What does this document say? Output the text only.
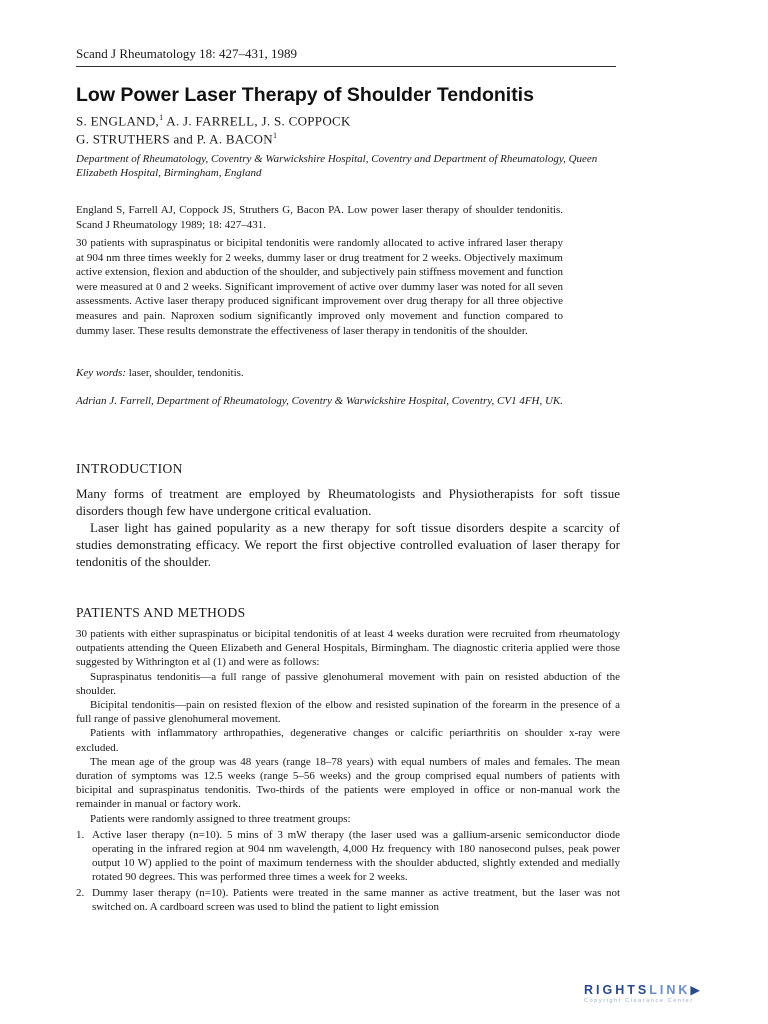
Scand J Rheumatology 18: 427–431, 1989
Low Power Laser Therapy of Shoulder Tendonitis
S. ENGLAND,$^1$ A. J. FARRELL, J. S. COPPOCK
G. STRUTHERS and P. A. BACON$^1$
Department of Rheumatology, Coventry & Warwickshire Hospital, Coventry and Department of Rheumatology, Queen Elizabeth Hospital, Birmingham, England
England S, Farrell AJ, Coppock JS, Struthers G, Bacon PA. Low power laser therapy of shoulder tendonitis. Scand J Rheumatology 1989; 18: 427–431.
30 patients with supraspinatus or bicipital tendonitis were randomly allocated to active infrared laser therapy at 904 nm three times weekly for 2 weeks, dummy laser or drug treatment for 2 weeks. Objectively maximum active extension, flexion and abduction of the shoulder, and subjectively pain stiffness movement and function were measured at 0 and 2 weeks. Significant improvement of active over dummy laser was noted for all seven assessments. Active laser therapy produced significant improvement over drug therapy for all three objective measures and pain. Naproxen sodium significantly improved only movement and function compared to dummy laser. These results demonstrate the effectiveness of laser therapy in tendonitis of the shoulder.
Key words: laser, shoulder, tendonitis.
Adrian J. Farrell, Department of Rheumatology, Coventry & Warwickshire Hospital, Coventry, CV1 4FH, UK.
INTRODUCTION

Many forms of treatment are employed by Rheumatologists and Physiotherapists for soft tissue disorders though few have undergone critical evaluation.

Laser light has gained popularity as a new therapy for soft tissue disorders despite a scarcity of studies demonstrating efficacy. We report the first objective controlled evaluation of laser therapy for tendonitis of the shoulder.

PATIENTS AND METHODS

30 patients with either supraspinatus or bicipital tendonitis of at least 4 weeks duration were recruited from rheumatology outpatients attending the Queen Elizabeth and General Hospitals, Birmingham. The diagnostic criteria applied were those suggested by Withrington et al (1) and were as follows:

Supraspinatus tendonitis—a full range of passive glenohumeral movement with pain on resisted abduction of the shoulder.

Bicipital tendonitis—pain on resisted flexion of the elbow and resisted supination of the forearm in the presence of a full range of passive glenohumeral movement.

Patients with inflammatory arthropathies, degenerative changes or calcific periarthritis on shoulder x-ray were excluded.

The mean age of the group was 48 years (range 18–78 years) with equal numbers of males and females. The mean duration of symptoms was 12.5 weeks (range 5–56 weeks) and the group comprised equal numbers of patients with bicipital and supraspinatus tendonitis. Two-thirds of the patients were employed in office or non-manual work the remainder in manual or factory work.

Patients were randomly assigned to three treatment groups:

1. Active laser therapy (n=10). 5 mins of 3 mW therapy (the laser used was a gallium-arsenic semiconductor diode operating in the infrared region at 904 nm wavelength, 4,000 Hz frequency with 180 nanosecond pulses, peak power output 10 W) applied to the point of maximum tenderness with the shoulder abducted, slightly extended and medially rotated 90 degrees. This was performed three times a week for 2 weeks.
2. Dummy laser therapy (n=10). Patients were treated in the same manner as active treatment, but the laser was not switched on. A cardboard screen was used to blind the patient to light emission
RIGHTSLINK▶
Copyright Clearance Center
